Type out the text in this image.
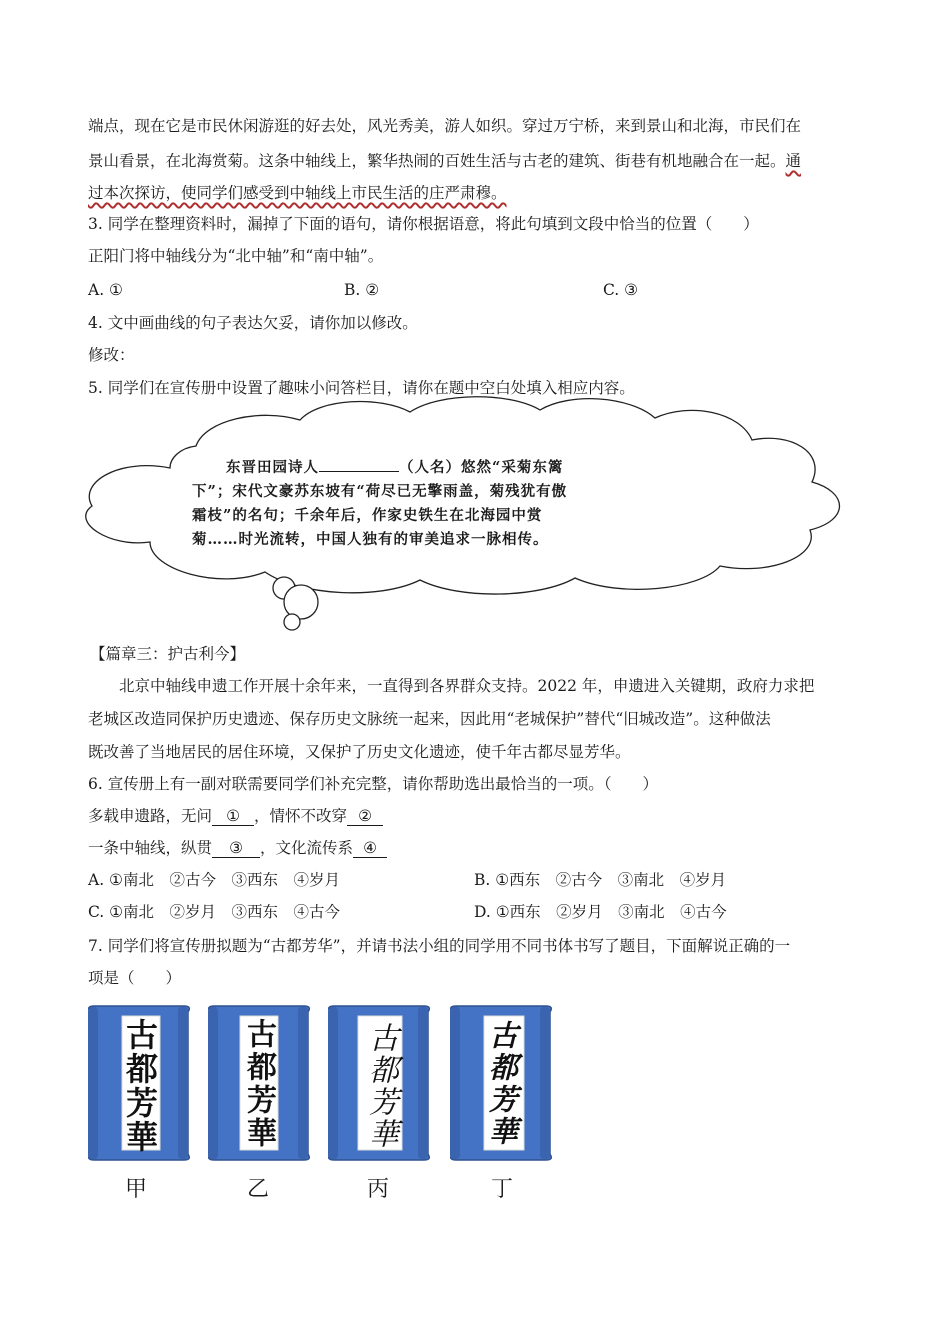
端点，现在它是市民休闲游逛的好去处，风光秀美，游人如织。穿过万宁桥，来到景山和北海，市民们在
景山看景，在北海赏菊。这条中轴线上，繁华热闹的百姓生活与古老的建筑、街巷有机地融合在一起。通
过本次探访，使同学们感受到中轴线上市民生活的庄严肃穆。
3. 同学在整理资料时，漏掉了下面的语句，请你根据语意，将此句填到文段中恰当的位置（　　）
正阳门将中轴线分为“北中轴”和“南中轴”。
A. ①	B. ②	C. ③
4. 文中画曲线的句子表达欠妥，请你加以修改。
修改：
5. 同学们在宣传册中设置了趣味小问答栏目，请你在题中空白处填入相应内容。
东晋田园诗人	（人名）悠然“采菊东篱
下”；宋代文豪苏东坡有“荷尽已无擎雨盖，菊残犹有傲
霜枝”的名句；千余年后，作家史铁生在北海园中赏
菊……时光流转，中国人独有的审美追求一脉相传。
【篇章三：护古利今】
北京中轴线申遗工作开展十余年来，一直得到各界群众支持。2022 年，申遗进入关键期，政府力求把
老城区改造同保护历史遗迹、保存历史文脉统一起来，因此用“老城保护”替代“旧城改造”。这种做法
既改善了当地居民的居住环境，又保护了历史文化遗迹，使千年古都尽显芳华。
6. 宣传册上有一副对联需要同学们补充完整，请你帮助选出最恰当的一项。（　　）
多载申遗路，无问 ① ，情怀不改穿 ②
一条中轴线，纵贯 ③ ，文化流传系 ④
A. ①南北　②古今　③西东　④岁月	B. ①西东　②古今　③南北　④岁月
C. ①南北　②岁月　③西东　④古今	D. ①西东　②岁月　③南北　④古今
7. 同学们将宣传册拟题为“古都芳华”，并请书法小组的同学用不同书体书写了题目，下面解说正确的一
项是（　　）
古都芳華	古都芳華	古都芳華	古都芳華
甲	乙	丙	丁
